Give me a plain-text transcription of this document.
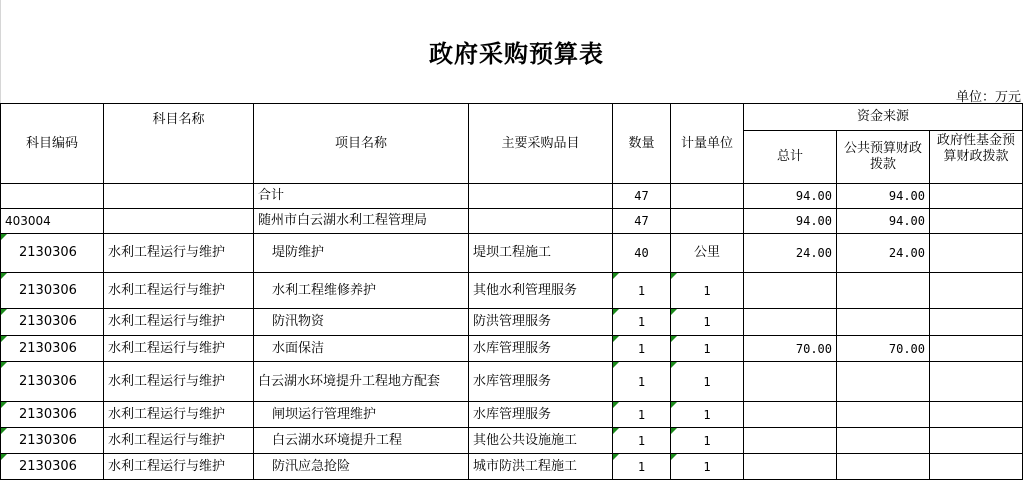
政府采购预算表
单位：万元
科目编码	科目名称	项目名称	主要采购品目	数量	计量单位	资金来源		
						总计	公共预算财政拨款	政府性基金预算财政拨款
		合计		47		94.00	94.00	
403004		随州市白云湖水利工程管理局		47		94.00	94.00	
2130306	水利工程运行与维护	堤防维护	堤坝工程施工	40	公里	24.00	24.00	
2130306	水利工程运行与维护	水利工程维修养护	其他水利管理服务	1	1			
2130306	水利工程运行与维护	防汛物资	防洪管理服务	1	1			
2130306	水利工程运行与维护	水面保洁	水库管理服务	1	1	70.00	70.00	
2130306	水利工程运行与维护	白云湖水环境提升工程地方配套	水库管理服务	1	1			
2130306	水利工程运行与维护	闸坝运行管理维护	水库管理服务	1	1			
2130306	水利工程运行与维护	白云湖水环境提升工程	其他公共设施施工	1	1			
2130306	水利工程运行与维护	防汛应急抢险	城市防洪工程施工	1	1			
